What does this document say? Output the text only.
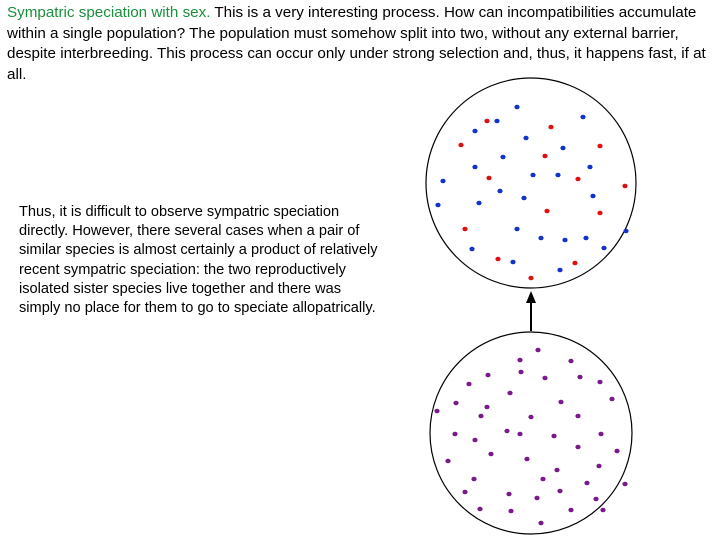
Sympatric speciation with sex. This is a very interesting process. How can incompatibilities accumulate within a single population? The population must somehow split into two, without any external barrier, despite interbreeding. This process can occur only under strong selection and, thus, it happens fast, if at all.

Thus, it is difficult to observe sympatric speciation directly. However, there several cases when a pair of similar species is almost certainly a product of relatively recent sympatric speciation: the two reproductively isolated sister species live together and there was simply no place for them to go to speciate allopatrically.
